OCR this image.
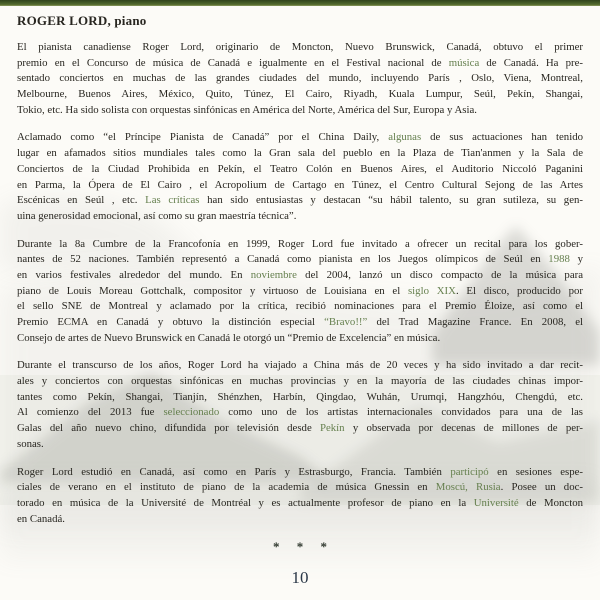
ROGER LORD, piano
El pianista canadiense Roger Lord, originario de Moncton, Nuevo Brunswick, Canadá, obtuvo el primer
premio en el Concurso de música de Canadá e igualmente en el Festival nacional de música de Canadá. Ha pre-
sentado conciertos en muchas de las grandes ciudades del mundo, incluyendo París , Oslo, Viena, Montreal,
Melbourne, Buenos Aires, México, Quito, Túnez, El Cairo, Riyadh, Kuala Lumpur, Seúl, Pekín, Shangai,
Tokio, etc. Ha sido solista con orquestas sinfónicas en América del Norte, América del Sur, Europa y Asia.
Aclamado como “el Príncipe Pianista de Canadá” por el China Daily, algunas de sus actuaciones han tenido
lugar en afamados sitios mundiales tales como la Gran sala del pueblo en la Plaza de Tian'anmen y la Sala de
Conciertos de la Ciudad Prohibida en Pekín, el Teatro Colón en Buenos Aires, el Auditorio Niccoló Paganini
en Parma, la Ópera de El Cairo , el Acropolium de Cartago en Túnez, el Centro Cultural Sejong de las Artes
Escénicas en Seúl , etc. Las críticas han sido entusiastas y destacan “su hábil talento, su gran sutileza, su gen-
uina generosidad emocional, así como su gran maestría técnica”.
Durante la 8a Cumbre de la Francofonía en 1999, Roger Lord fue invitado a ofrecer un recital para los gober-
nantes de 52 naciones. También representó a Canadá como pianista en los Juegos olímpicos de Seúl en 1988 y
en varios festivales alrededor del mundo. En noviembre del 2004, lanzó un disco compacto de la música para
piano de Louis Moreau Gottchalk, compositor y virtuoso de Louisiana en el siglo XIX. El disco, producido por
el sello SNE de Montreal y aclamado por la crítica, recibió nominaciones para el Premio Éloize, así como el
Premio ECMA en Canadá y obtuvo la distinción especial “Bravo!!” del Trad Magazine France. En 2008, el
Consejo de artes de Nuevo Brunswick en Canadá le otorgó un “Premio de Excelencia” en música.
Durante el transcurso de los años, Roger Lord ha viajado a China más de 20 veces y ha sido invitado a dar recit-
ales y conciertos con orquestas sinfónicas en muchas provincias y en la mayoría de las ciudades chinas impor-
tantes como Pekín, Shangai, Tianjín, Shénzhen, Harbín, Qingdao, Wuhán, Urumqi, Hangzhóu, Chengdú, etc.
Al comienzo del 2013 fue seleccionado como uno de los artistas internacionales convidados para una de las
Galas del año nuevo chino, difundida por televisión desde Pekín y observada por decenas de millones de per-
sonas.
Roger Lord estudió en Canadá, así como en París y Estrasburgo, Francia. También participó en sesiones espe-
ciales de verano en el instituto de piano de la academia de música Gnessin en Moscú, Rusia. Posee un doc-
torado en música de la Université de Montréal y es actualmente profesor de piano en la Université de Moncton
en Canadá.
* * *
10
